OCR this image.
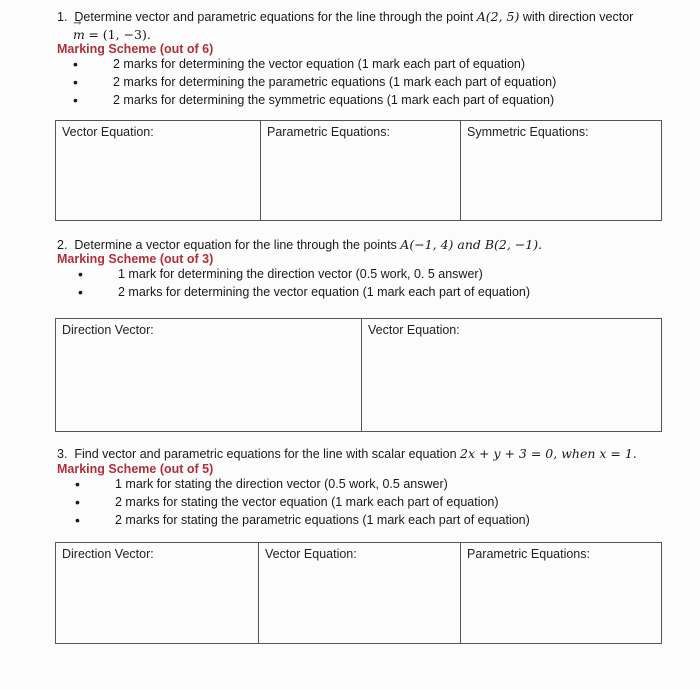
1. Determine vector and parametric equations for the line through the point A(2, 5) with direction vector
→ m = (1, −3).
Marking Scheme (out of 6)
• 2 marks for determining the vector equation (1 mark each part of equation)
• 2 marks for determining the parametric equations (1 mark each part of equation)
• 2 marks for determining the symmetric equations (1 mark each part of equation)
Vector Equation:	Parametric Equations:	Symmetric Equations:
2. Determine a vector equation for the line through the points A(−1, 4) and B(2, −1).
Marking Scheme (out of 3)
• 1 mark for determining the direction vector (0.5 work, 0. 5 answer)
• 2 marks for determining the vector equation (1 mark each part of equation)
Direction Vector:	Vector Equation:
3. Find vector and parametric equations for the line with scalar equation 2x + y + 3 = 0, when x = 1.
Marking Scheme (out of 5)
• 1 mark for stating the direction vector (0.5 work, 0.5 answer)
• 2 marks for stating the vector equation (1 mark each part of equation)
• 2 marks for stating the parametric equations (1 mark each part of equation)
Direction Vector:	Vector Equation:	Parametric Equations:
